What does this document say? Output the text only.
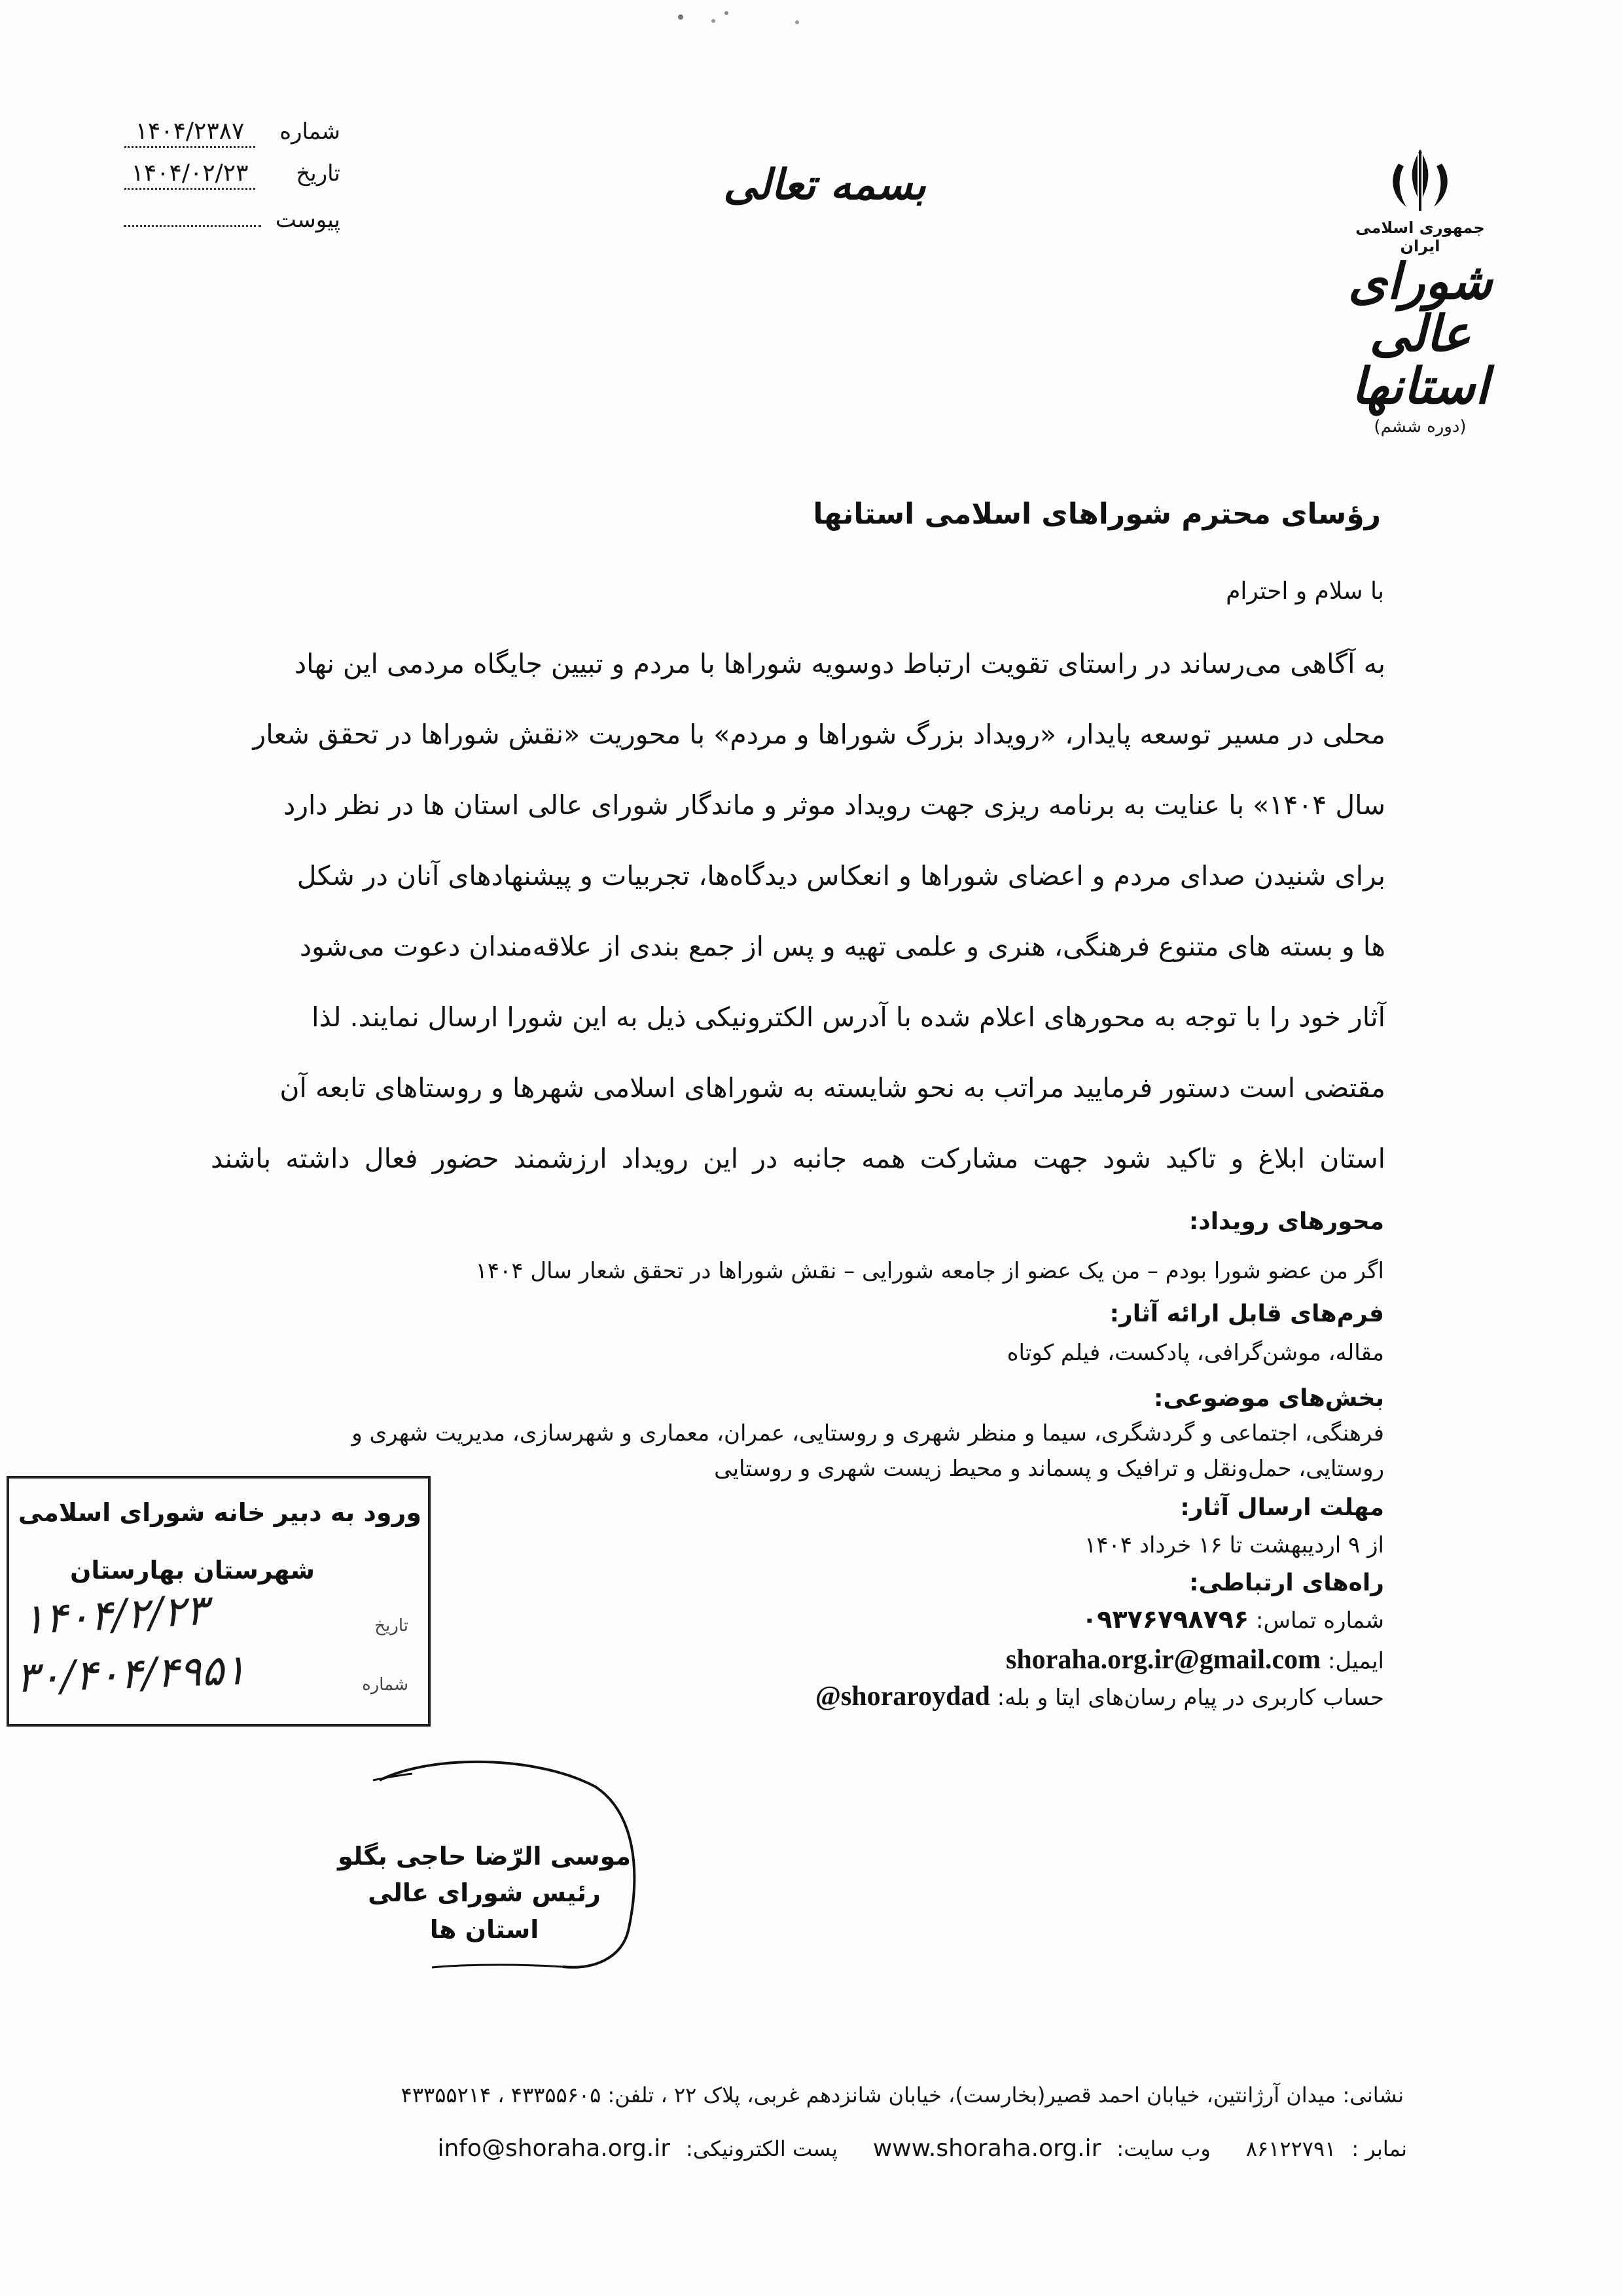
شماره
۱۴۰۴/۲۳۸۷
تاریخ
۱۴۰۴/۰۲/۲۳
پیوست
بسمه تعالی
جمهوری اسلامی ایران
شورای عالی استانها
(دوره ششم)
رؤسای محترم شوراهای اسلامی استانها
با سلام و احترام

به آگاهی می‌رساند در راستای تقویت ارتباط دوسویه شوراها با مردم و تبیین جایگاه مردمی این نهاد

محلی در مسیر توسعه پایدار، «رویداد بزرگ شوراها و مردم» با محوریت «نقش شوراها در تحقق شعار

سال ۱۴۰۴» با عنایت به برنامه ریزی جهت رویداد موثر و ماندگار شورای عالی استان ها در نظر دارد

برای شنیدن صدای مردم و اعضای شوراها و انعکاس دیدگاه‌ها، تجربیات و پیشنهادهای آنان در شکل

ها و بسته های متنوع فرهنگی، هنری و علمی تهیه و پس از جمع بندی از علاقه‌مندان دعوت می‌شود

آثار خود را با توجه به محورهای اعلام شده با آدرس الکترونیکی ذیل به این شورا ارسال نمایند. لذا

مقتضی است دستور فرمایید مراتب به نحو شایسته به شوراهای اسلامی شهرها و روستاهای تابعه آن

استان ابلاغ و تاکید شود جهت مشارکت همه جانبه در این رویداد ارزشمند حضور فعال داشته باشند

محورهای رویداد:
اگر من عضو شورا بودم – من یک عضو از جامعه شورایی – نقش شوراها در تحقق شعار سال ۱۴۰۴
فرم‌های قابل ارائه آثار:
مقاله، موشن‌گرافی، پادکست، فیلم کوتاه
بخش‌های موضوعی:
فرهنگی، اجتماعی و گردشگری، سیما و منظر شهری و روستایی، عمران، معماری و شهرسازی، مدیریت شهری و
روستایی، حمل‌ونقل و ترافیک و پسماند و محیط زیست شهری و روستایی
مهلت ارسال آثار:
از ۹ اردیبهشت تا ۱۶ خرداد ۱۴۰۴
راه‌های ارتباطی:
شماره تماس: ۰۹۳۷۶۷۹۸۷۹۶
ایمیل: shoraha.org.ir@gmail.com
حساب کاربری در پیام رسان‌های ایتا و بله: @shoraroydad
ورود به دبیر خانه شورای اسلامی
شهرستان بهارستان
تاریخ
شماره
۱۴۰۴/۲/۲۳
۳۰/۴۰۴/۴۹۵۱
موسی الرّضا حاجی بگلو
رئیس شورای عالی استان ها
نشانی: میدان آرژانتین، خیابان احمد قصیر(بخارست)، خیابان شانزدهم غربی، پلاک ۲۲ ، تلفن: ۴۳۳۵۵۶۰۵ ، ۴۳۳۵۵۲۱۴
نمابر :
۸۶۱۲۲۷۹۱
وب سایت:
www.shoraha.org.ir
پست الکترونیکی:
info@shoraha.org.ir
